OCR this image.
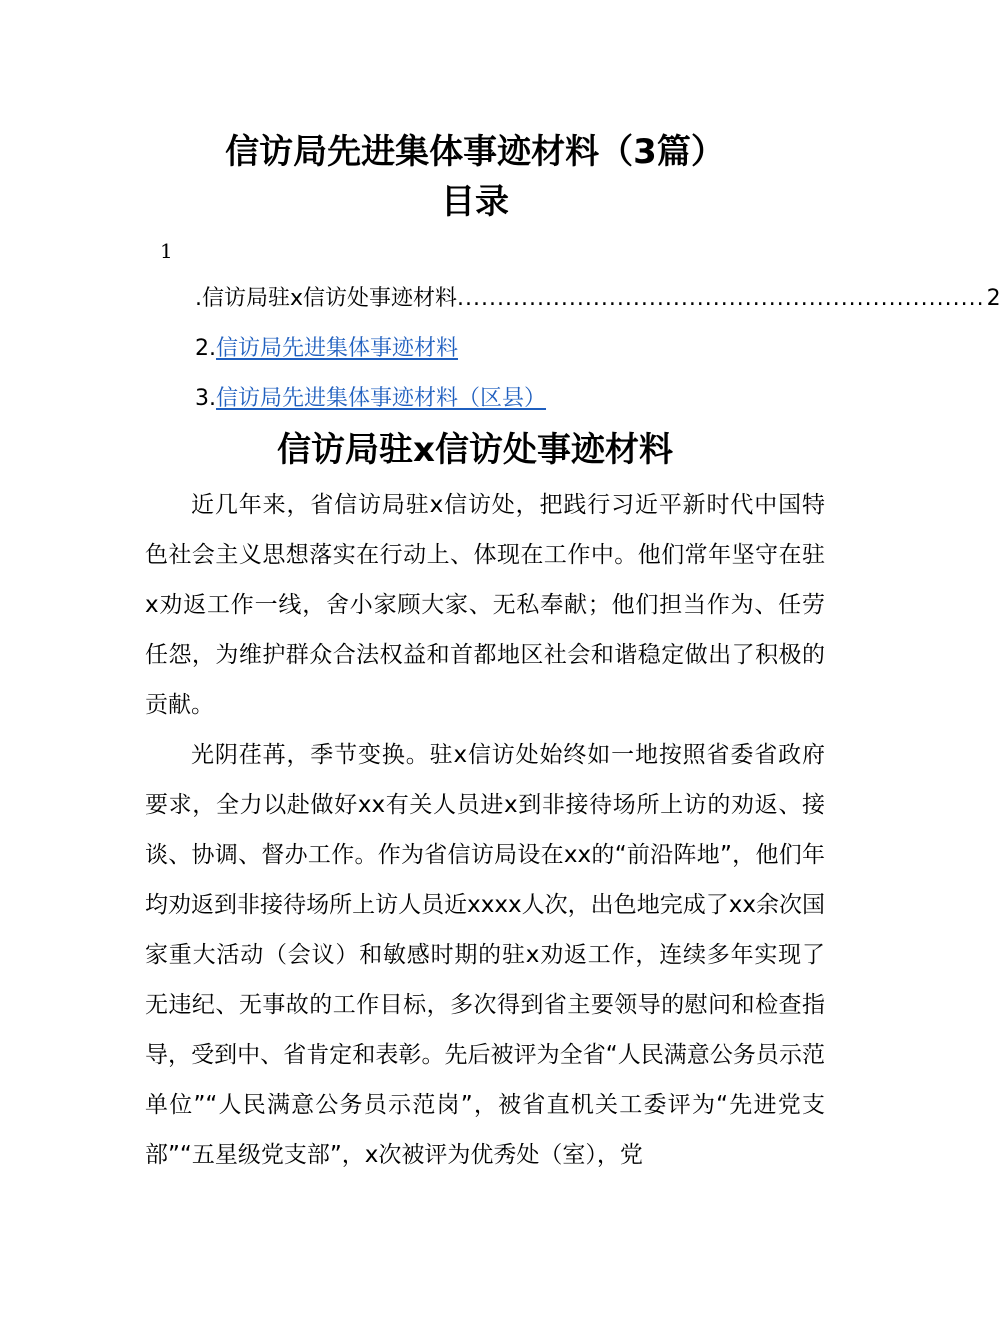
信访局先进集体事迹材料（3篇）
目录
1
.信访局驻x信访处事迹材料 .................................................................. 2
2.信访局先进集体事迹材料
3.信访局先进集体事迹材料（区县）
信访局驻x信访处事迹材料

近几年来，省信访局驻x信访处，把践行习近平新时代中国特色社会主义思想落实在行动上、体现在工作中。他们常年坚守在驻x劝返工作一线，舍小家顾大家、无私奉献；他们担当作为、任劳任怨，为维护群众合法权益和首都地区社会和谐稳定做出了积极的贡献。

光阴荏苒，季节变换。驻x信访处始终如一地按照省委省政府要求，全力以赴做好xx有关人员进x到非接待场所上访的劝返、接谈、协调、督办工作。作为省信访局设在xx的“前沿阵地”，他们年均劝返到非接待场所上访人员近xxxx人次，出色地完成了xx余次国家重大活动（会议）和敏感时期的驻x劝返工作，连续多年实现了无违纪、无事故的工作目标，多次得到省主要领导的慰问和检查指导，受到中、省肯定和表彰。先后被评为全省“人民满意公务员示范单位”“人民满意公务员示范岗”，被省直机关工委评为“先进党支部”“五星级党支部”，x次被评为优秀处（室），党
